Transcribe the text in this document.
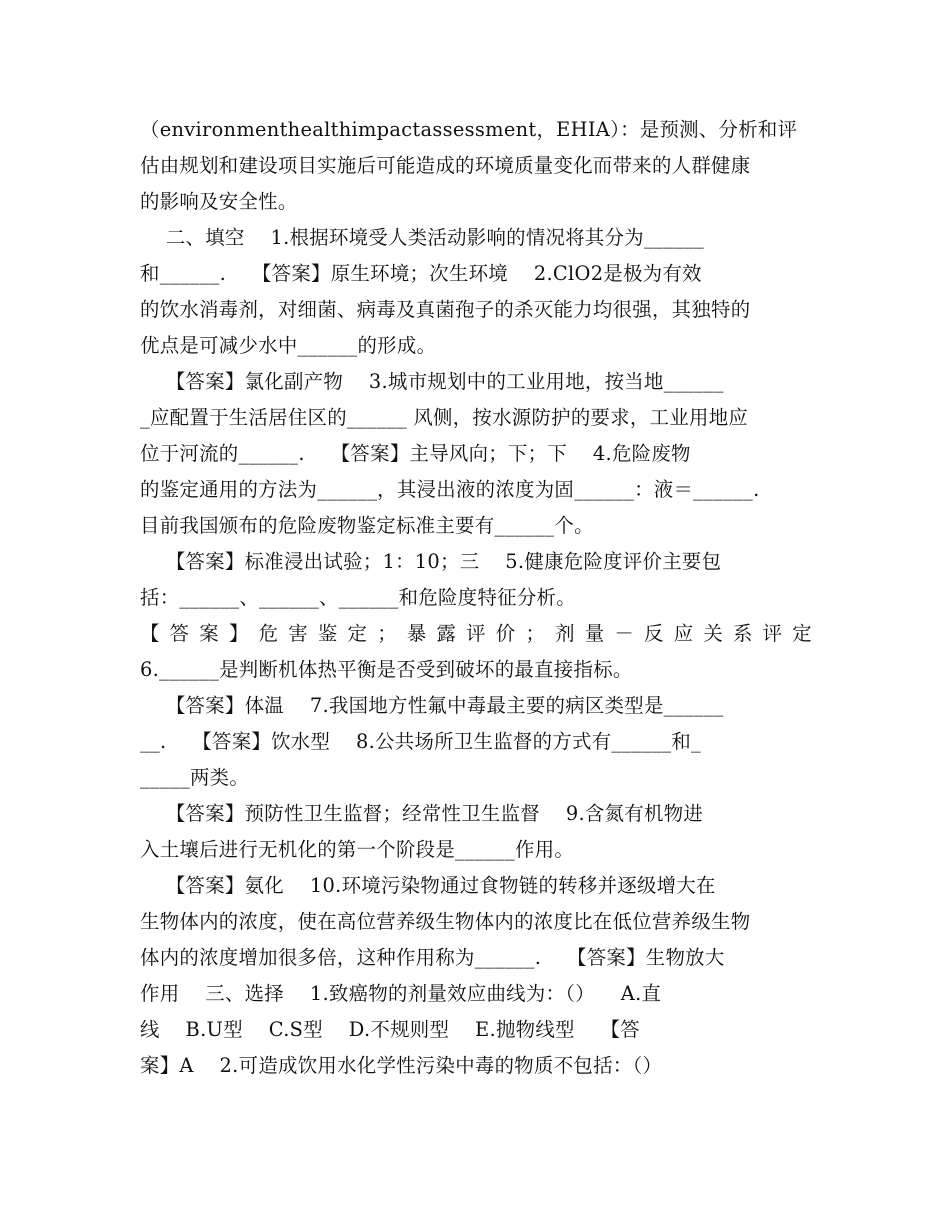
（environmenthealthimpactassessment，EHIA）：是预测、分析和评
估由规划和建设项目实施后可能造成的环境质量变化而带来的人群健康
的影响及安全性。
二、填空    1.根据环境受人类活动影响的情况将其分为______
和______.    【答案】原生环境；次生环境    2.ClO2是极为有效
的饮水消毒剂，对细菌、病毒及真菌孢子的杀灭能力均很强，其独特的
优点是可减少水中______的形成。
【答案】氯化副产物    3.城市规划中的工业用地，按当地______
_应配置于生活居住区的______ 风侧，按水源防护的要求，工业用地应
位于河流的______.    【答案】主导风向；下；下    4.危险废物
的鉴定通用的方法为______，其浸出液的浓度为固______：液＝______.
目前我国颁布的危险废物鉴定标准主要有______个。
【答案】标准浸出试验；1：10；三    5.健康危险度评价主要包
括：______、______、______和危险度特征分析。
【答案】危害鉴定；暴露评价；剂量－反应关系评定
6.______是判断机体热平衡是否受到破坏的最直接指标。
【答案】体温    7.我国地方性氟中毒最主要的病区类型是______
__.    【答案】饮水型    8.公共场所卫生监督的方式有______和_
_____两类。
【答案】预防性卫生监督；经常性卫生监督    9.含氮有机物进
入土壤后进行无机化的第一个阶段是______作用。
【答案】氨化    10.环境污染物通过食物链的转移并逐级增大在
生物体内的浓度，使在高位营养级生物体内的浓度比在低位营养级生物
体内的浓度增加很多倍，这种作用称为______.    【答案】生物放大
作用    三、选择    1.致癌物的剂量效应曲线为：（）    A.直
线    B.U型    C.S型    D.不规则型    E.抛物线型    【答
案】A    2.可造成饮用水化学性污染中毒的物质不包括：（）
